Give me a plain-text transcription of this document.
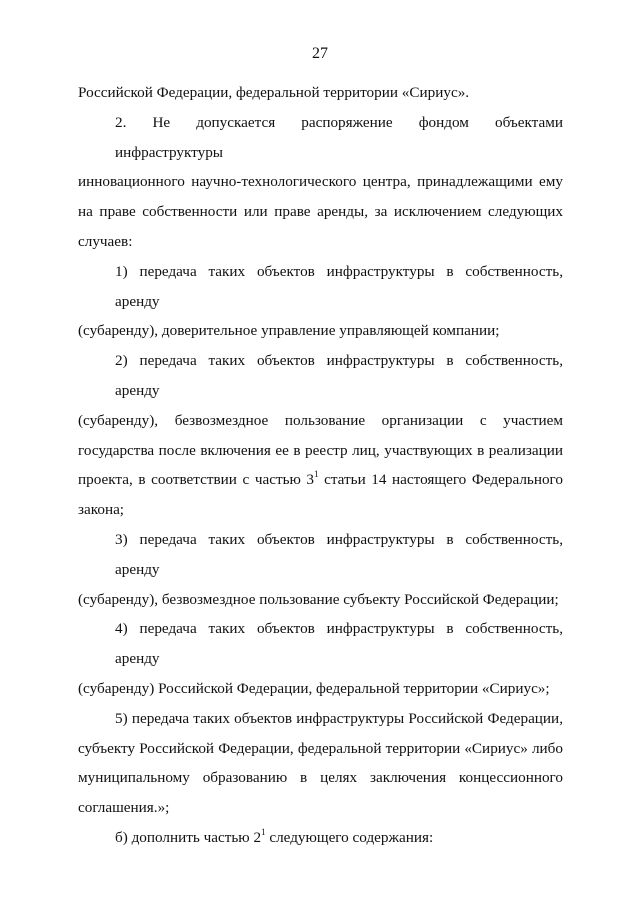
27
Российской Федерации, федеральной территории «Сириус».
2. Не допускается распоряжение фондом объектами инфраструктуры
инновационного научно-технологического центра, принадлежащими ему
на праве собственности или праве аренды, за исключением следующих
случаев:
1) передача таких объектов инфраструктуры в собственность, аренду
(субаренду), доверительное управление управляющей компании;
2) передача таких объектов инфраструктуры в собственность, аренду
(субаренду), безвозмездное пользование организации с участием
государства после включения ее в реестр лиц, участвующих в реализации
проекта, в соответствии с частью $3^1$ статьи 14 настоящего Федерального
закона;
3) передача таких объектов инфраструктуры в собственность, аренду
(субаренду), безвозмездное пользование субъекту Российской Федерации;
4) передача таких объектов инфраструктуры в собственность, аренду
(субаренду) Российской Федерации, федеральной территории «Сириус»;
5) передача таких объектов инфраструктуры Российской Федерации,
субъекту Российской Федерации, федеральной территории «Сириус» либо
муниципальному образованию в целях заключения концессионного
соглашения.»;
б) дополнить частью $2^1$ следующего содержания:
